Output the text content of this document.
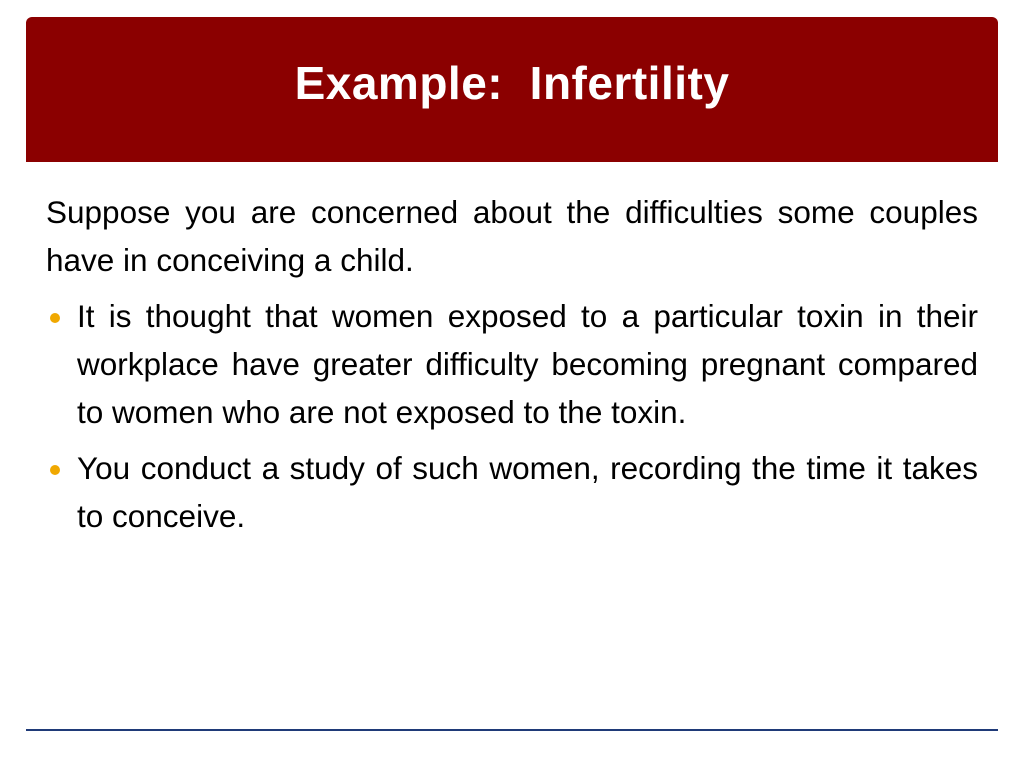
Example:  Infertility

Suppose you are concerned about the difficulties some couples have in conceiving a child.

It is thought that women exposed to a particular toxin in their workplace have greater difficulty becoming pregnant compared to women who are not exposed to the toxin.
You conduct a study of such women, recording the time it takes to conceive.
